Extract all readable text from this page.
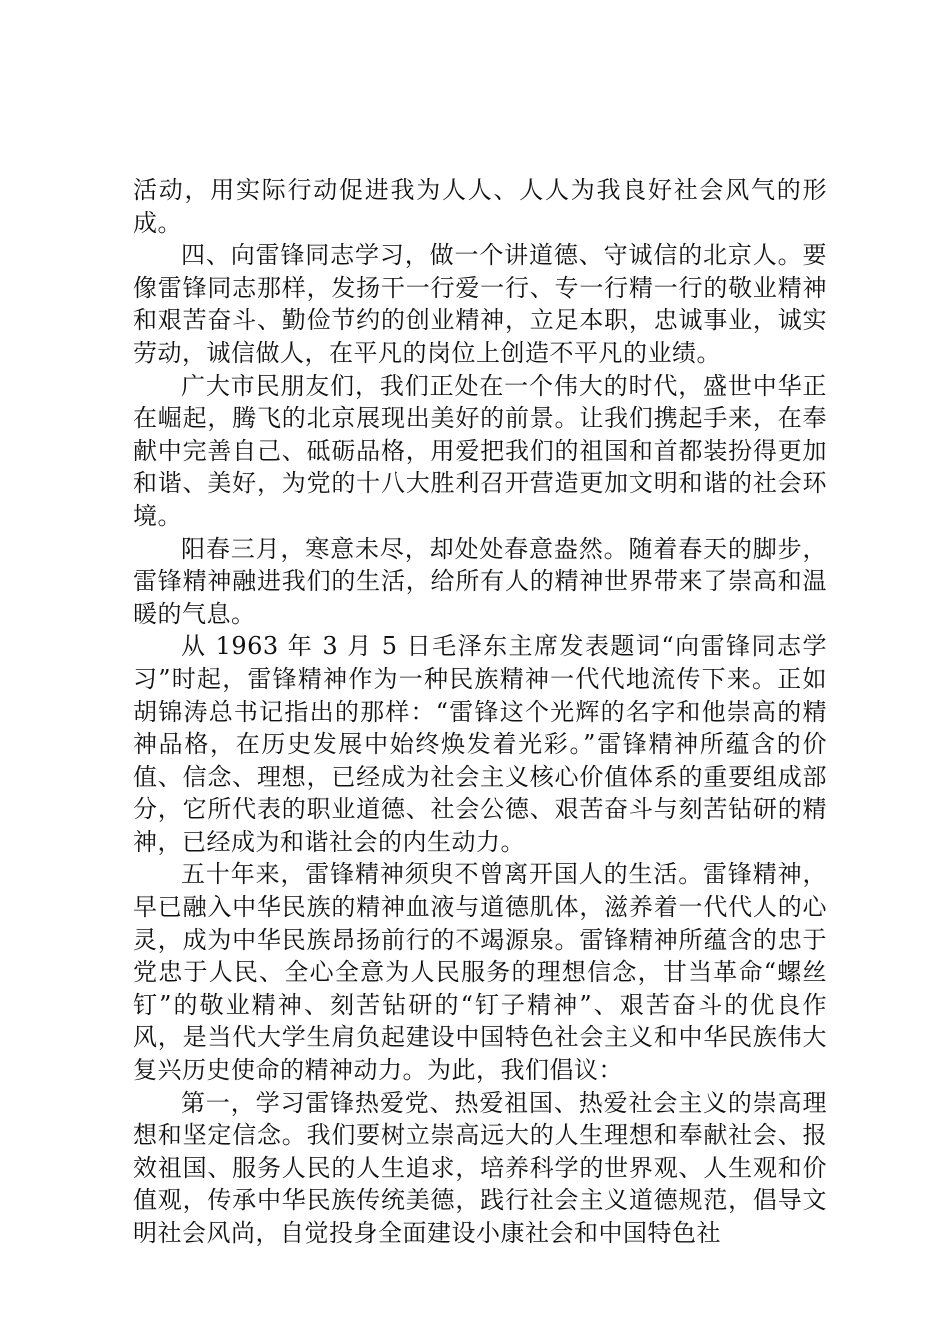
活动，用实际行动促进我为人人、人人为我良好社会风气的形成。

四、向雷锋同志学习，做一个讲道德、守诚信的北京人。要像雷锋同志那样，发扬干一行爱一行、专一行精一行的敬业精神和艰苦奋斗、勤俭节约的创业精神，立足本职，忠诚事业，诚实劳动，诚信做人，在平凡的岗位上创造不平凡的业绩。

广大市民朋友们，我们正处在一个伟大的时代，盛世中华正在崛起，腾飞的北京展现出美好的前景。让我们携起手来，在奉献中完善自己、砥砺品格，用爱把我们的祖国和首都装扮得更加和谐、美好，为党的十八大胜利召开营造更加文明和谐的社会环境。

阳春三月，寒意未尽，却处处春意盎然。随着春天的脚步，雷锋精神融进我们的生活，给所有人的精神世界带来了崇高和温暖的气息。

从 1963 年 3 月 5 日毛泽东主席发表题词“向雷锋同志学习”时起，雷锋精神作为一种民族精神一代代地流传下来。正如胡锦涛总书记指出的那样：“雷锋这个光辉的名字和他崇高的精神品格，在历史发展中始终焕发着光彩。”雷锋精神所蕴含的价值、信念、理想，已经成为社会主义核心价值体系的重要组成部分，它所代表的职业道德、社会公德、艰苦奋斗与刻苦钻研的精神，已经成为和谐社会的内生动力。

五十年来，雷锋精神须臾不曾离开国人的生活。雷锋精神，早已融入中华民族的精神血液与道德肌体，滋养着一代代人的心灵，成为中华民族昂扬前行的不竭源泉。雷锋精神所蕴含的忠于党忠于人民、全心全意为人民服务的理想信念，甘当革命“螺丝钉”的敬业精神、刻苦钻研的“钉子精神”、艰苦奋斗的优良作风，是当代大学生肩负起建设中国特色社会主义和中华民族伟大复兴历史使命的精神动力。为此，我们倡议：

第一，学习雷锋热爱党、热爱祖国、热爱社会主义的崇高理想和坚定信念。我们要树立崇高远大的人生理想和奉献社会、报效祖国、服务人民的人生追求，培养科学的世界观、人生观和价值观，传承中华民族传统美德，践行社会主义道德规范，倡导文明社会风尚，自觉投身全面建设小康社会和中国特色社
